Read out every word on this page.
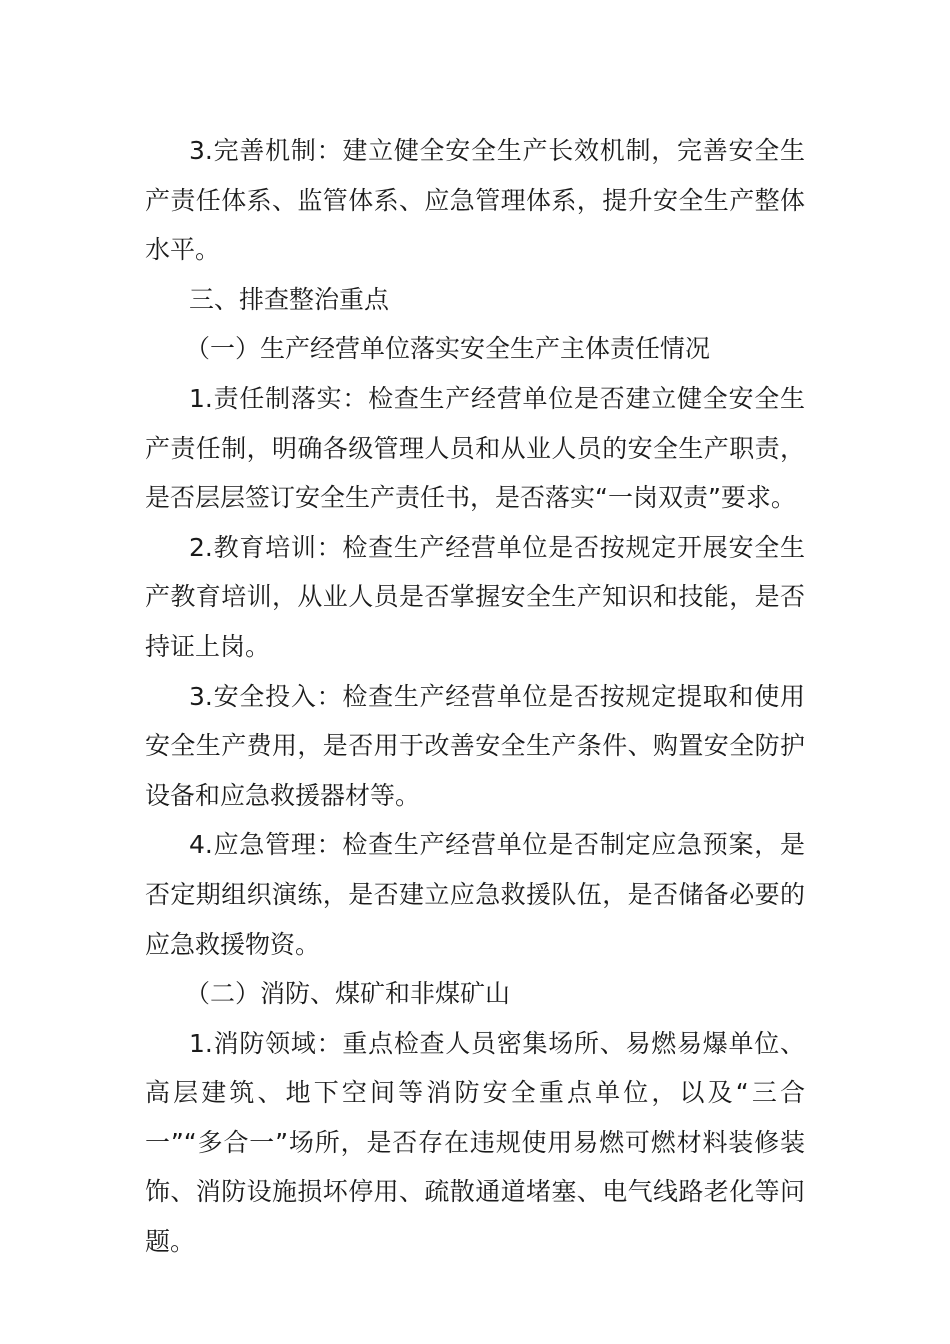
3.完善机制：建立健全安全生产长效机制，完善安全生产责任体系、监管体系、应急管理体系，提升安全生产整体水平。

三、排查整治重点

（一）生产经营单位落实安全生产主体责任情况

1.责任制落实：检查生产经营单位是否建立健全安全生产责任制，明确各级管理人员和从业人员的安全生产职责，是否层层签订安全生产责任书，是否落实“一岗双责”要求。

2.教育培训：检查生产经营单位是否按规定开展安全生产教育培训，从业人员是否掌握安全生产知识和技能，是否持证上岗。

3.安全投入：检查生产经营单位是否按规定提取和使用安全生产费用，是否用于改善安全生产条件、购置安全防护设备和应急救援器材等。

4.应急管理：检查生产经营单位是否制定应急预案，是否定期组织演练，是否建立应急救援队伍，是否储备必要的应急救援物资。

（二）消防、煤矿和非煤矿山

1.消防领域：重点检查人员密集场所、易燃易爆单位、高层建筑、地下空间等消防安全重点单位，以及“三合一”“多合一”场所，是否存在违规使用易燃可燃材料装修装饰、消防设施损坏停用、疏散通道堵塞、电气线路老化等问题。
